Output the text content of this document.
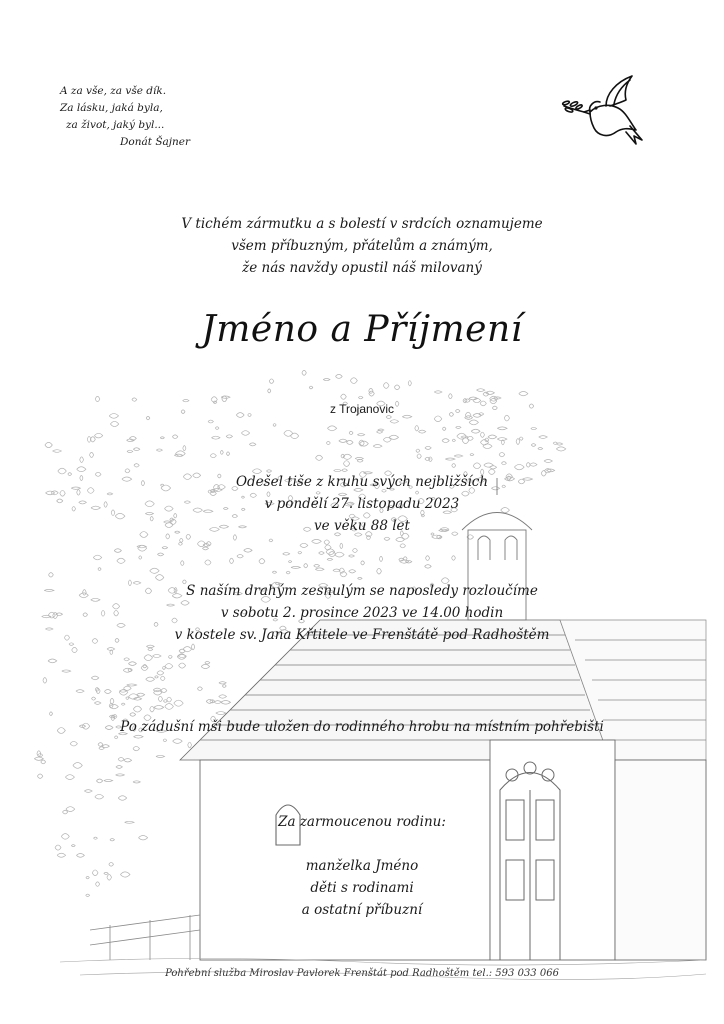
A za vše, za vše dík.
Za lásku, jaká byla,
za život, jaký byl...
Donát Šajner
V tichém zármutku a s bolestí v srdcích oznamujeme
všem příbuzným, přátelům a známým,
že nás navždy opustil náš milovaný
Jméno a Příjmení
z Trojanovic
Odešel tiše z kruhu svých nejbližších
v pondělí 27. listopadu 2023
ve věku 88 let
S naším drahým zesnulým se naposledy rozloučíme
v sobotu 2. prosince 2023 ve 14.00 hodin
v kostele sv. Jana Křtitele ve Frenštátě pod Radhoštěm
Po zádušní mši bude uložen do rodinného hrobu na místním pohřebišti
Za zarmoucenou rodinu:
manželka Jméno
děti s rodinami
a ostatní příbuzní
Pohřební služba Miroslav Pavlorek Frenštát pod Radhoštěm tel.: 593 033 066
